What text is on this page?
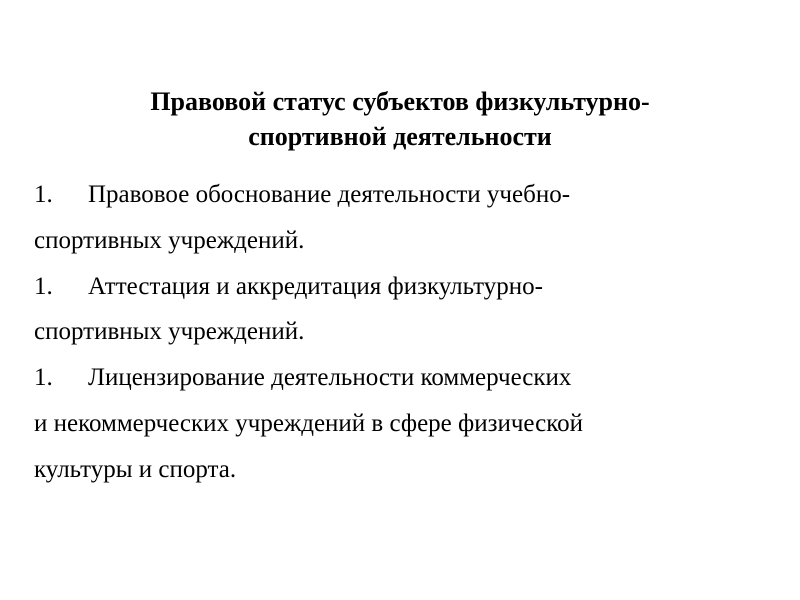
Правовой статус субъектов физкультурно-
спортивной деятельности
1. Правовое обоснование деятельности учебно-
спортивных учреждений.
1. Аттестация и аккредитация физкультурно-
спортивных учреждений.
1. Лицензирование деятельности коммерческих
и некоммерческих учреждений в сфере физической
культуры и спорта.
